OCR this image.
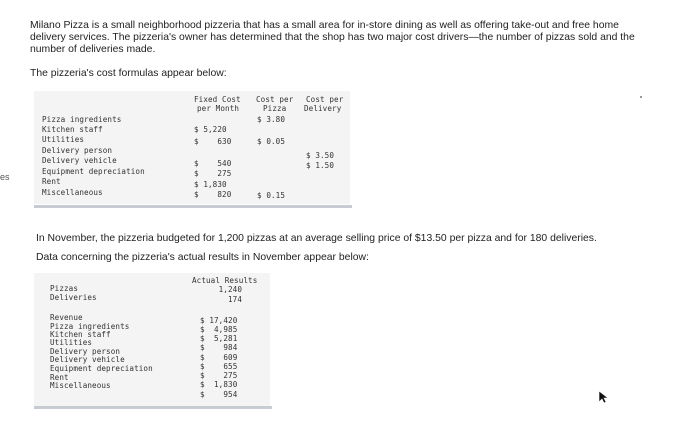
es
Milano Pizza is a small neighborhood pizzeria that has a small area for in-store dining as well as offering take-out and free home
delivery services. The pizzeria's owner has determined that the shop has two major cost drivers—the number of pizzas sold and the
number of deliveries made.
The pizzeria's cost formulas appear below:
Fixed Cost
per Month
Cost per
Pizza
Cost per
Delivery
Pizza ingredients
Kitchen staff
Utilities
Delivery person
Delivery vehicle
Equipment depreciation
Rent
Miscellaneous
$ 5,220
$    630
$    540
$    275
$ 1,830
$    820
$ 3.80
$ 0.05
$ 0.15
$ 3.50
$ 1.50
In November, the pizzeria budgeted for 1,200 pizzas at an average selling price of $13.50 per pizza and for 180 deliveries.
Data concerning the pizzeria's actual results in November appear below:
Actual Results
Pizzas
Deliveries
1,240
174
Revenue
Pizza ingredients
Kitchen staff
Utilities
Delivery person
Delivery vehicle
Equipment depreciation
Rent
Miscellaneous
$ 17,420
$  4,985
$  5,281
$    984
$    609
$    655
$    275
$  1,830
$    954
